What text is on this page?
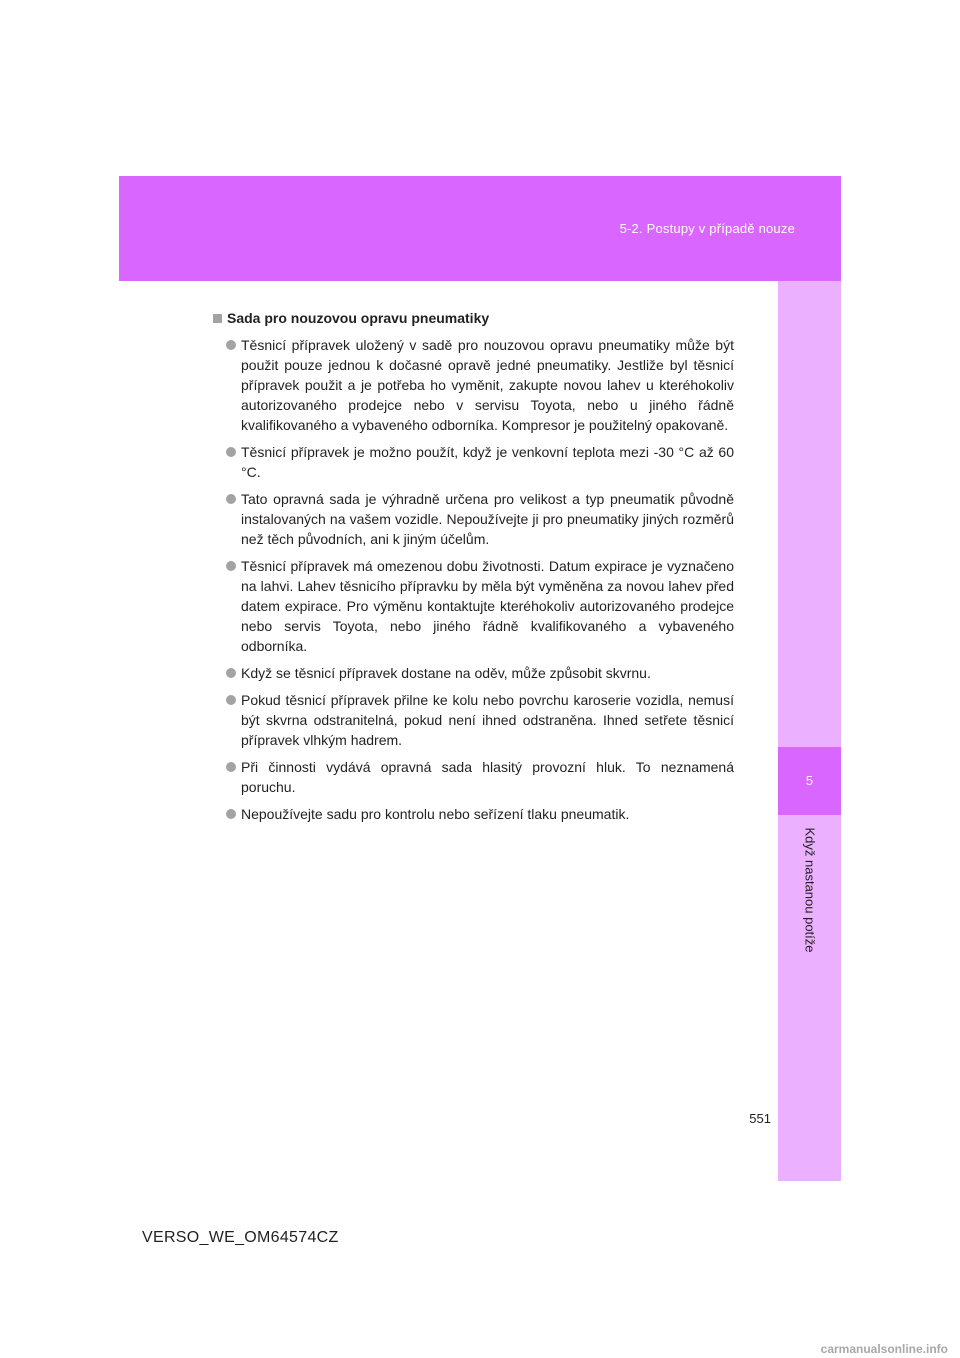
5-2. Postupy v případě nouze
5
Když nastanou potíže
Sada pro nouzovou opravu pneumatiky
Těsnicí přípravek uložený v sadě pro nouzovou opravu pneumatiky může být použit pouze jednou k dočasné opravě jedné pneumatiky. Jestliže byl těsnicí přípravek použit a je potřeba ho vyměnit, zakupte novou lahev u kteréhokoliv autorizovaného prodejce nebo v servisu Toyota, nebo u jiného řádně kvalifikovaného a vybaveného odborníka. Kompresor je použitelný opakovaně.
Těsnicí přípravek je možno použít, když je venkovní teplota mezi -30 °C až 60 °C.
Tato opravná sada je výhradně určena pro velikost a typ pneumatik původně instalovaných na vašem vozidle. Nepoužívejte ji pro pneumatiky jiných rozměrů než těch původních, ani k jiným účelům.
Těsnicí přípravek má omezenou dobu životnosti. Datum expirace je vyznačeno na lahvi. Lahev těsnicího přípravku by měla být vyměněna za novou lahev před datem expirace. Pro výměnu kontaktujte kteréhokoliv autorizovaného prodejce nebo servis Toyota, nebo jiného řádně kvalifikovaného a vybaveného odborníka.
Když se těsnicí přípravek dostane na oděv, může způsobit skvrnu.
Pokud těsnicí přípravek přilne ke kolu nebo povrchu karoserie vozidla, nemusí být skvrna odstranitelná, pokud není ihned odstraněna. Ihned setřete těsnicí přípravek vlhkým hadrem.
Při činnosti vydává opravná sada hlasitý provozní hluk. To neznamená poruchu.
Nepoužívejte sadu pro kontrolu nebo seřízení tlaku pneumatik.
551
VERSO_WE_OM64574CZ
carmanualsonline.info
